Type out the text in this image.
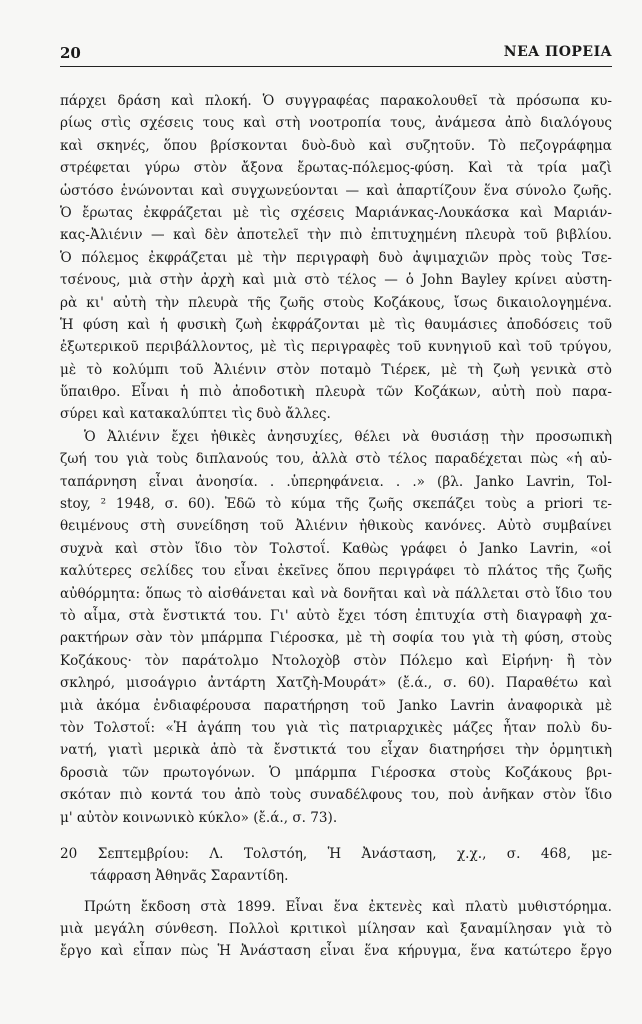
20	ΝΕΑ ΠΟΡΕΙΑ
πάρχει δράση καὶ πλοκή. Ὁ συγγραφέας παρακολουθεῖ τὰ πρόσωπα κυ-
ρίως στὶς σχέσεις τους καὶ στὴ νοοτροπία τους, ἀνάμεσα ἀπὸ διαλόγους
καὶ σκηνές, ὅπου βρίσκονται δυὸ-δυὸ καὶ συζητοῦν. Τὸ πεζογράφημα
στρέφεται γύρω στὸν ἄξονα ἔρωτας-πόλεμος-φύση. Καὶ τὰ τρία μαζὶ
ὡστόσο ἑνώνονται καὶ συγχωνεύονται — καὶ ἀπαρτίζουν ἕνα σύνολο ζωῆς.
Ὁ ἔρωτας ἐκφράζεται μὲ τὶς σχέσεις Μαριάνκας-Λουκάσκα καὶ Μαριάν-
κας-Ἀλιένιν — καὶ δὲν ἀποτελεῖ τὴν πιὸ ἐπιτυχημένη πλευρὰ τοῦ βιβλίου.
Ὁ πόλεμος ἐκφράζεται μὲ τὴν περιγραφὴ δυὸ ἀψιμαχιῶν πρὸς τοὺς Τσε-
τσένους, μιὰ στὴν ἀρχὴ καὶ μιὰ στὸ τέλος — ὁ John Bayley κρίνει αὐστη-
ρὰ κι' αὐτὴ τὴν πλευρὰ τῆς ζωῆς στοὺς Κοζάκους, ἴσως δικαιολογημένα.
Ἡ φύση καὶ ἡ φυσικὴ ζωὴ ἐκφράζονται μὲ τὶς θαυμάσιες ἀποδόσεις τοῦ
ἐξωτερικοῦ περιβάλλοντος, μὲ τὶς περιγραφὲς τοῦ κυνηγιοῦ καὶ τοῦ τρύγου,
μὲ τὸ κολύμπι τοῦ Ἀλιένιν στὸν ποταμὸ Τιέρεκ, μὲ τὴ ζωὴ γενικὰ στὸ
ὕπαιθρο. Εἶναι ἡ πιὸ ἀποδοτικὴ πλευρὰ τῶν Κοζάκων, αὐτὴ ποὺ παρα-
σύρει καὶ κατακαλύπτει τὶς δυὸ ἄλλες.
Ὁ Ἀλιένιν ἔχει ἠθικὲς ἀνησυχίες, θέλει νὰ θυσιάσῃ τὴν προσωπικὴ
ζωή του γιὰ τοὺς διπλανούς του, ἀλλὰ στὸ τέλος παραδέχεται πὼς «ἡ αὐ-
ταπάρνηση εἶναι ἀνοησία. . .ὑπερηφάνεια. . .» (βλ. Janko Lavrin, Tol-
stoy, ² 1948, σ. 60). Ἐδῶ τὸ κύμα τῆς ζωῆς σκεπάζει τοὺς a priori τε-
θειμένους στὴ συνείδηση τοῦ Ἀλιένιν ἠθικοὺς κανόνες. Αὐτὸ συμβαίνει
συχνὰ καὶ στὸν ἴδιο τὸν Τολστοΐ. Καθὼς γράφει ὁ Janko Lavrin, «οἱ
καλύτερες σελίδες του εἶναι ἐκεῖνες ὅπου περιγράφει τὸ πλάτος τῆς ζωῆς
αὐθόρμητα: ὅπως τὸ αἰσθάνεται καὶ νὰ δονῆται καὶ νὰ πάλλεται στὸ ἴδιο του
τὸ αἷμα, στὰ ἔνστικτά του. Γι' αὐτὸ ἔχει τόση ἐπιτυχία στὴ διαγραφὴ χα-
ρακτήρων σὰν τὸν μπάρμπα Γιέροσκα, μὲ τὴ σοφία του γιὰ τὴ φύση, στοὺς
Κοζάκους· τὸν παράτολμο Ντολοχὸβ στὸν Πόλεμο καὶ Εἰρήνη· ἢ τὸν
σκληρό, μισοάγριο ἀντάρτη Χατζὴ-Μουράτ» (ἔ.ά., σ. 60). Παραθέτω καὶ
μιὰ ἀκόμα ἐνδιαφέρουσα παρατήρηση τοῦ Janko Lavrin ἀναφορικὰ μὲ
τὸν Τολστοΐ: «Ἡ ἀγάπη του γιὰ τὶς πατριαρχικὲς μάζες ἦταν πολὺ δυ-
νατή, γιατὶ μερικὰ ἀπὸ τὰ ἔνστικτά του εἶχαν διατηρήσει τὴν ὁρμητικὴ
δροσιὰ τῶν πρωτογόνων. Ὁ μπάρμπα Γιέροσκα στοὺς Κοζάκους βρι-
σκόταν πιὸ κοντά του ἀπὸ τοὺς συναδέλφους του, ποὺ ἀνῆκαν στὸν ἴδιο
μ' αὐτὸν κοινωνικὸ κύκλο» (ἔ.ά., σ. 73).
20 Σεπτεμβρίου: Λ. Τολστόη, Ἡ Ἀνάσταση, χ.χ., σ. 468, με-
τάφραση Ἀθηνᾶς Σαραντίδη.
Πρώτη ἔκδοση στὰ 1899. Εἶναι ἕνα ἐκτενὲς καὶ πλατὺ μυθιστόρημα.
μιὰ μεγάλη σύνθεση. Πολλοὶ κριτικοὶ μίλησαν καὶ ξαναμίλησαν γιὰ τὸ
ἔργο καὶ εἶπαν πὼς Ἡ Ἀνάσταση εἶναι ἕνα κήρυγμα, ἕνα κατώτερο ἔργο
